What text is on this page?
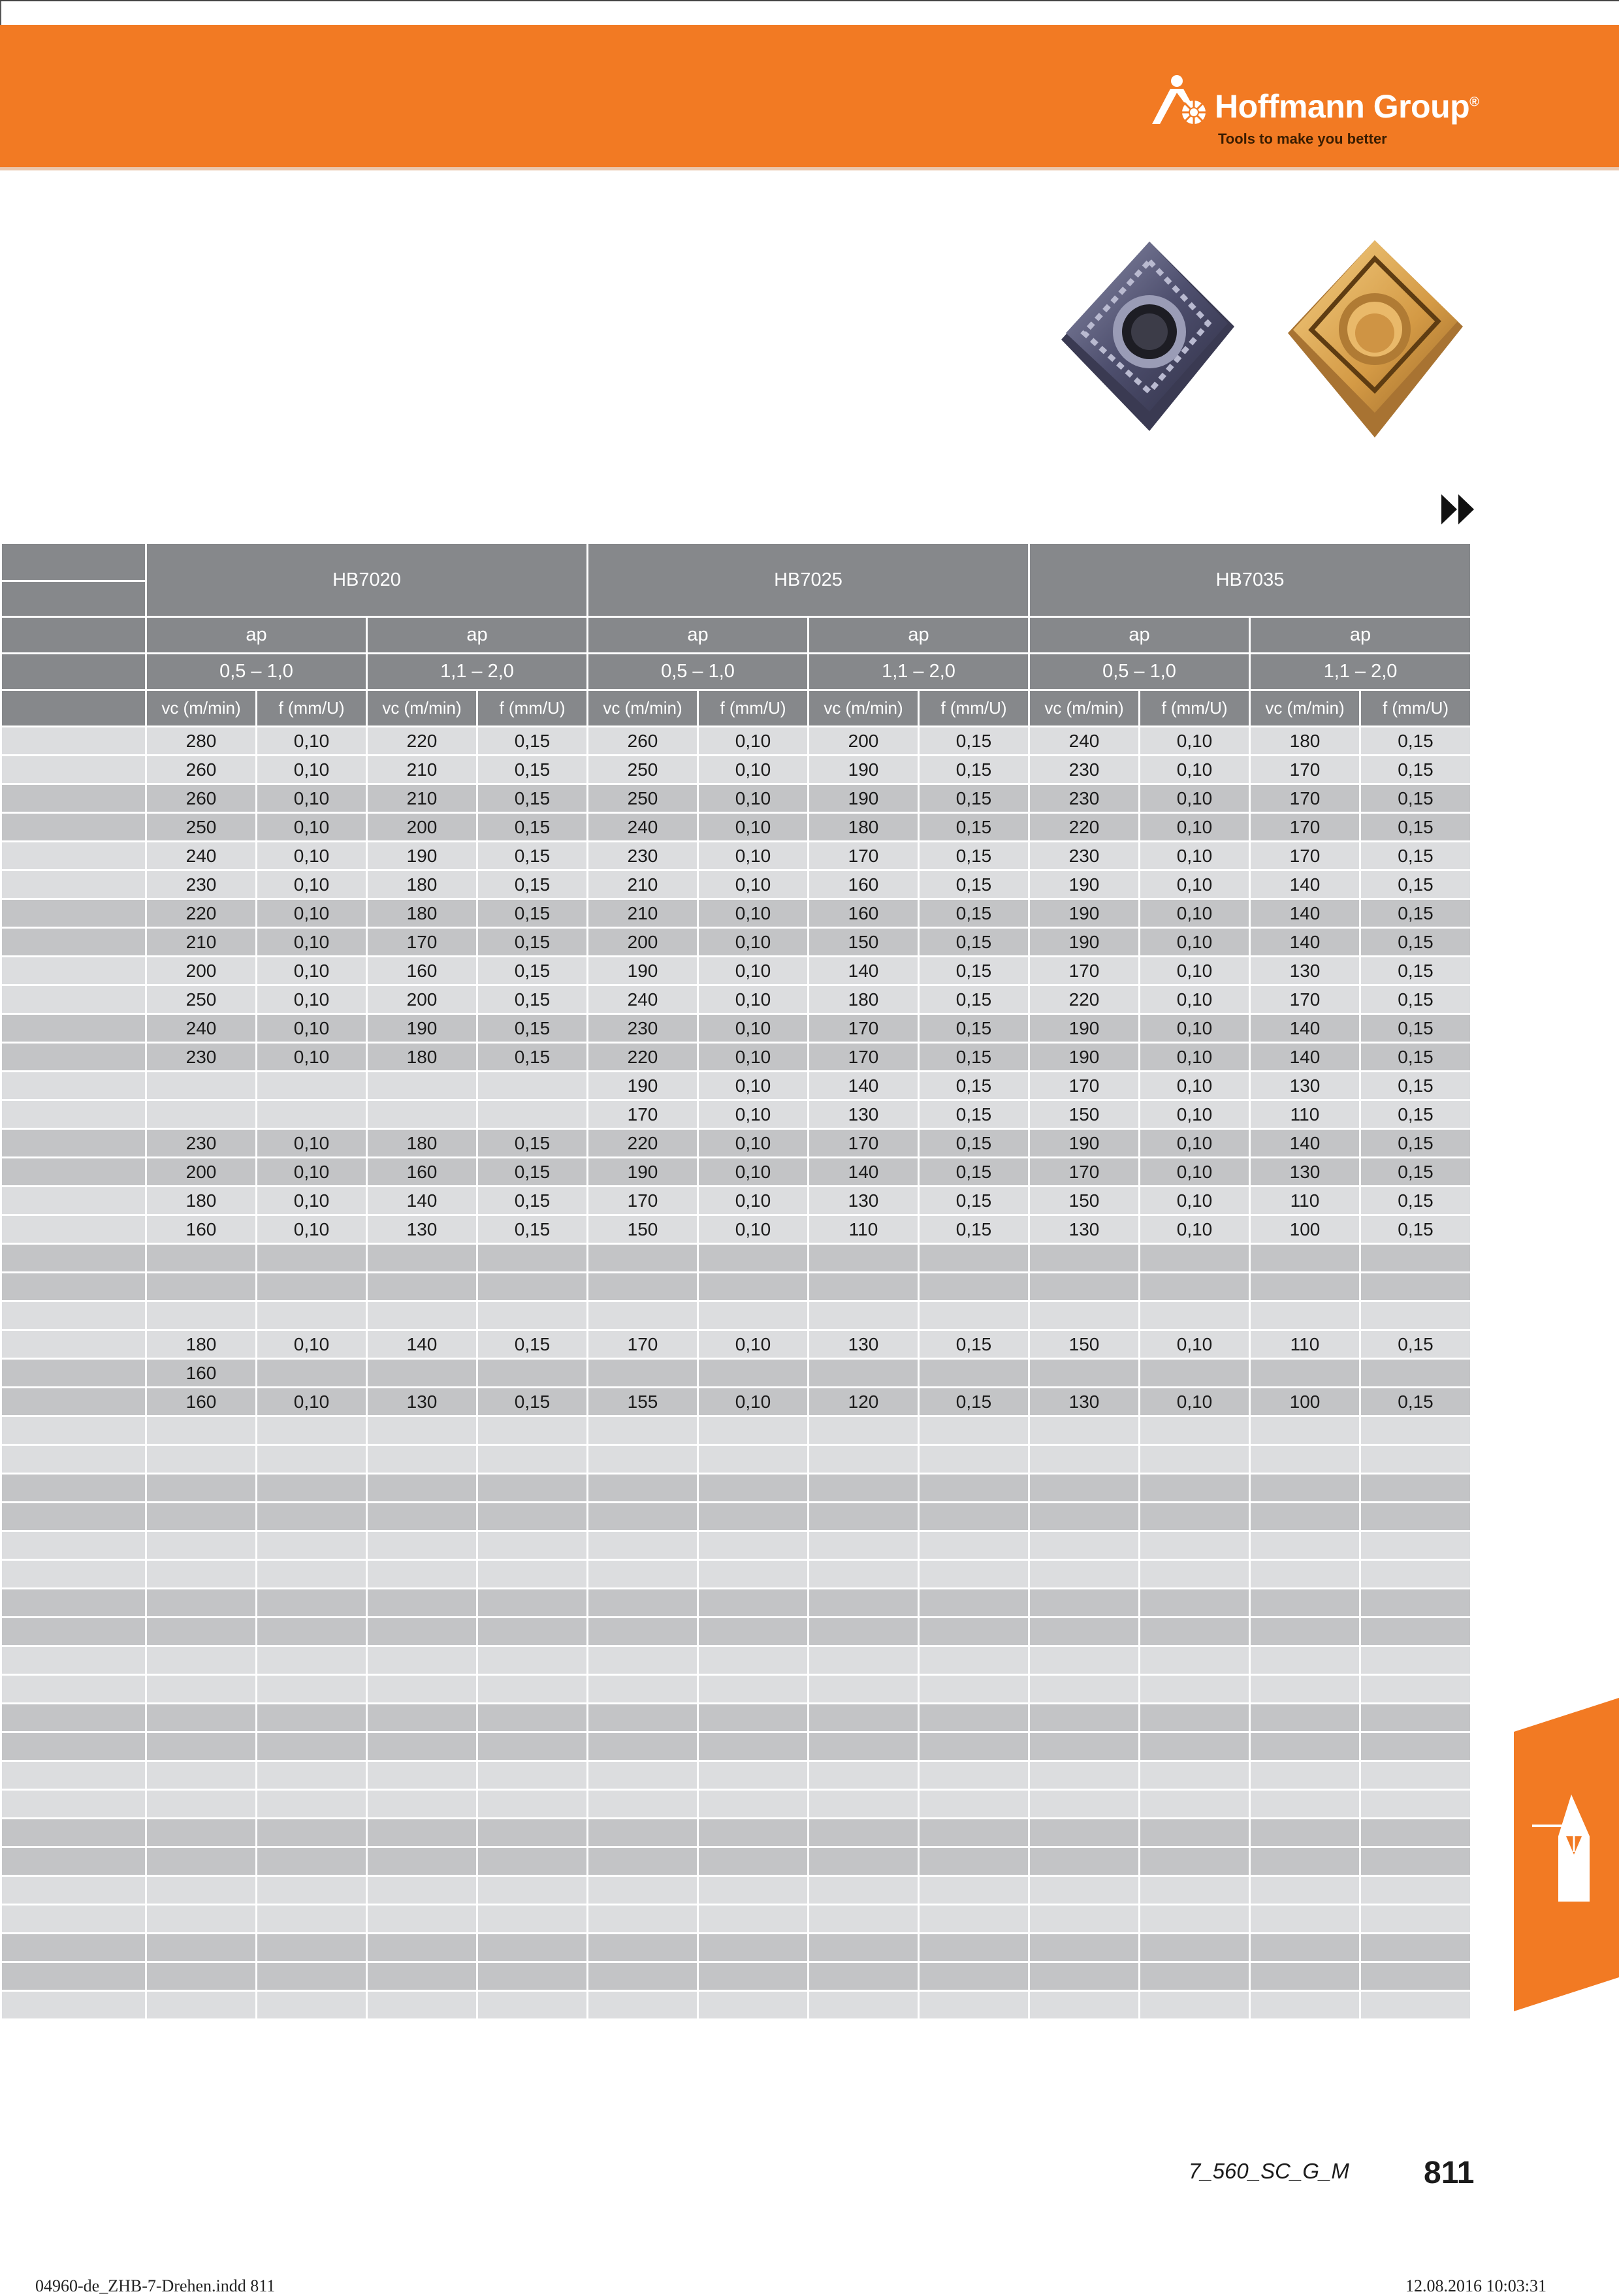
Hoffmann Group®
Tools to make you better
	HB7020				HB7025				HB7035			
	ap		ap		ap		ap		ap		ap	
	0,5 – 1,0		1,1 – 2,0		0,5 – 1,0		1,1 – 2,0		0,5 – 1,0		1,1 – 2,0	
	vc (m/min)	f (mm/U)	vc (m/min)	f (mm/U)	vc (m/min)	f (mm/U)	vc (m/min)	f (mm/U)	vc (m/min)	f (mm/U)	vc (m/min)	f (mm/U)
	280	0,10	220	0,15	260	0,10	200	0,15	240	0,10	180	0,15
	260	0,10	210	0,15	250	0,10	190	0,15	230	0,10	170	0,15
	260	0,10	210	0,15	250	0,10	190	0,15	230	0,10	170	0,15
	250	0,10	200	0,15	240	0,10	180	0,15	220	0,10	170	0,15
	240	0,10	190	0,15	230	0,10	170	0,15	230	0,10	170	0,15
	230	0,10	180	0,15	210	0,10	160	0,15	190	0,10	140	0,15
	220	0,10	180	0,15	210	0,10	160	0,15	190	0,10	140	0,15
	210	0,10	170	0,15	200	0,10	150	0,15	190	0,10	140	0,15
	200	0,10	160	0,15	190	0,10	140	0,15	170	0,10	130	0,15
	250	0,10	200	0,15	240	0,10	180	0,15	220	0,10	170	0,15
	240	0,10	190	0,15	230	0,10	170	0,15	190	0,10	140	0,15
	230	0,10	180	0,15	220	0,10	170	0,15	190	0,10	140	0,15
					190	0,10	140	0,15	170	0,10	130	0,15
					170	0,10	130	0,15	150	0,10	110	0,15
	230	0,10	180	0,15	220	0,10	170	0,15	190	0,10	140	0,15
	200	0,10	160	0,15	190	0,10	140	0,15	170	0,10	130	0,15
	180	0,10	140	0,15	170	0,10	130	0,15	150	0,10	110	0,15
	160	0,10	130	0,15	150	0,10	110	0,15	130	0,10	100	0,15

	180	0,10	140	0,15	170	0,10	130	0,15	150	0,10	110	0,15
	160											
	160	0,10	130	0,15	155	0,10	120	0,15	130	0,10	100	0,15

7_560_SC_G_M 811
04960-de_ZHB-7-Drehen.indd 811	12.08.2016 10:03:31
